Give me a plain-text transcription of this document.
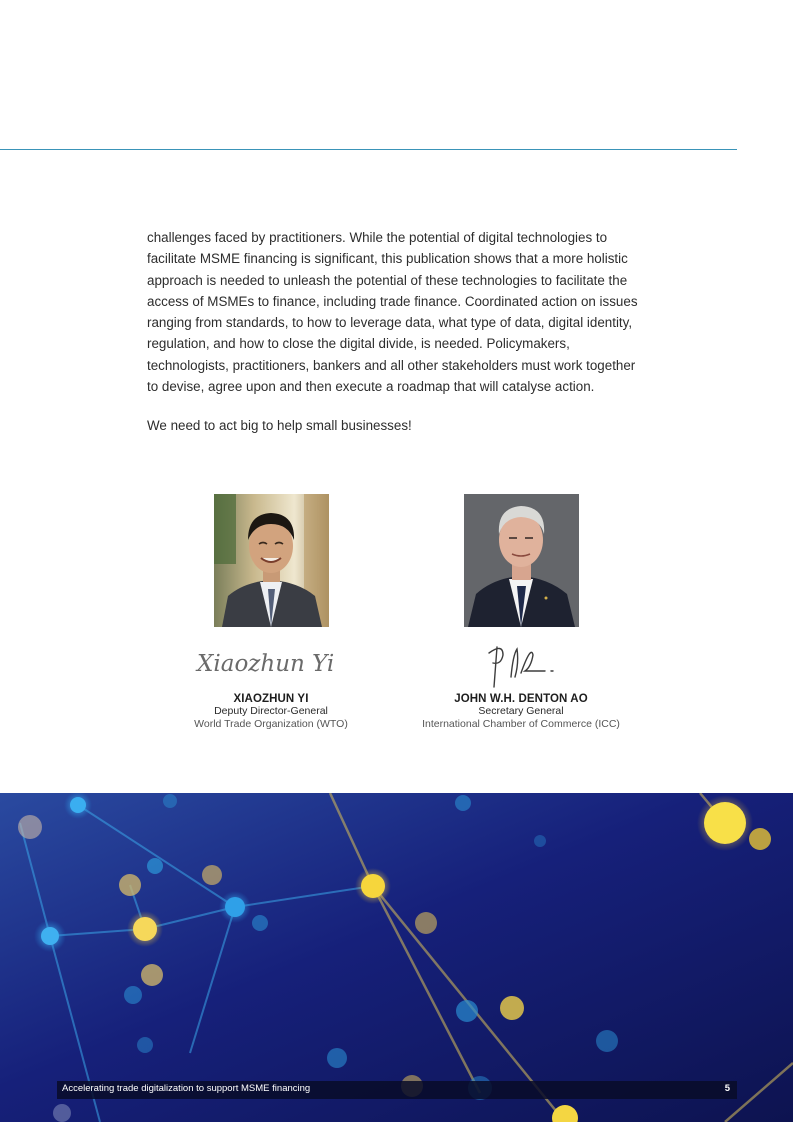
challenges faced by practitioners. While the potential of digital technologies to facilitate MSME financing is significant, this publication shows that a more holistic approach is needed to unleash the potential of these technologies to facilitate the access of MSMEs to finance, including trade finance. Coordinated action on issues ranging from standards, to how to leverage data, what type of data, digital identity, regulation, and how to close the digital divide, is needed. Policymakers, technologists, practitioners, bankers and all other stakeholders must work together to devise, agree upon and then execute a roadmap that will catalyse action.

We need to act big to help small businesses!

Xiaozhun Yi
XIAOZHUN YI
Deputy Director-General
World Trade Organization (WTO)
JOHN W.H. DENTON AO
Secretary General
International Chamber of Commerce (ICC)
Accelerating trade digitalization to support MSME financing	5
